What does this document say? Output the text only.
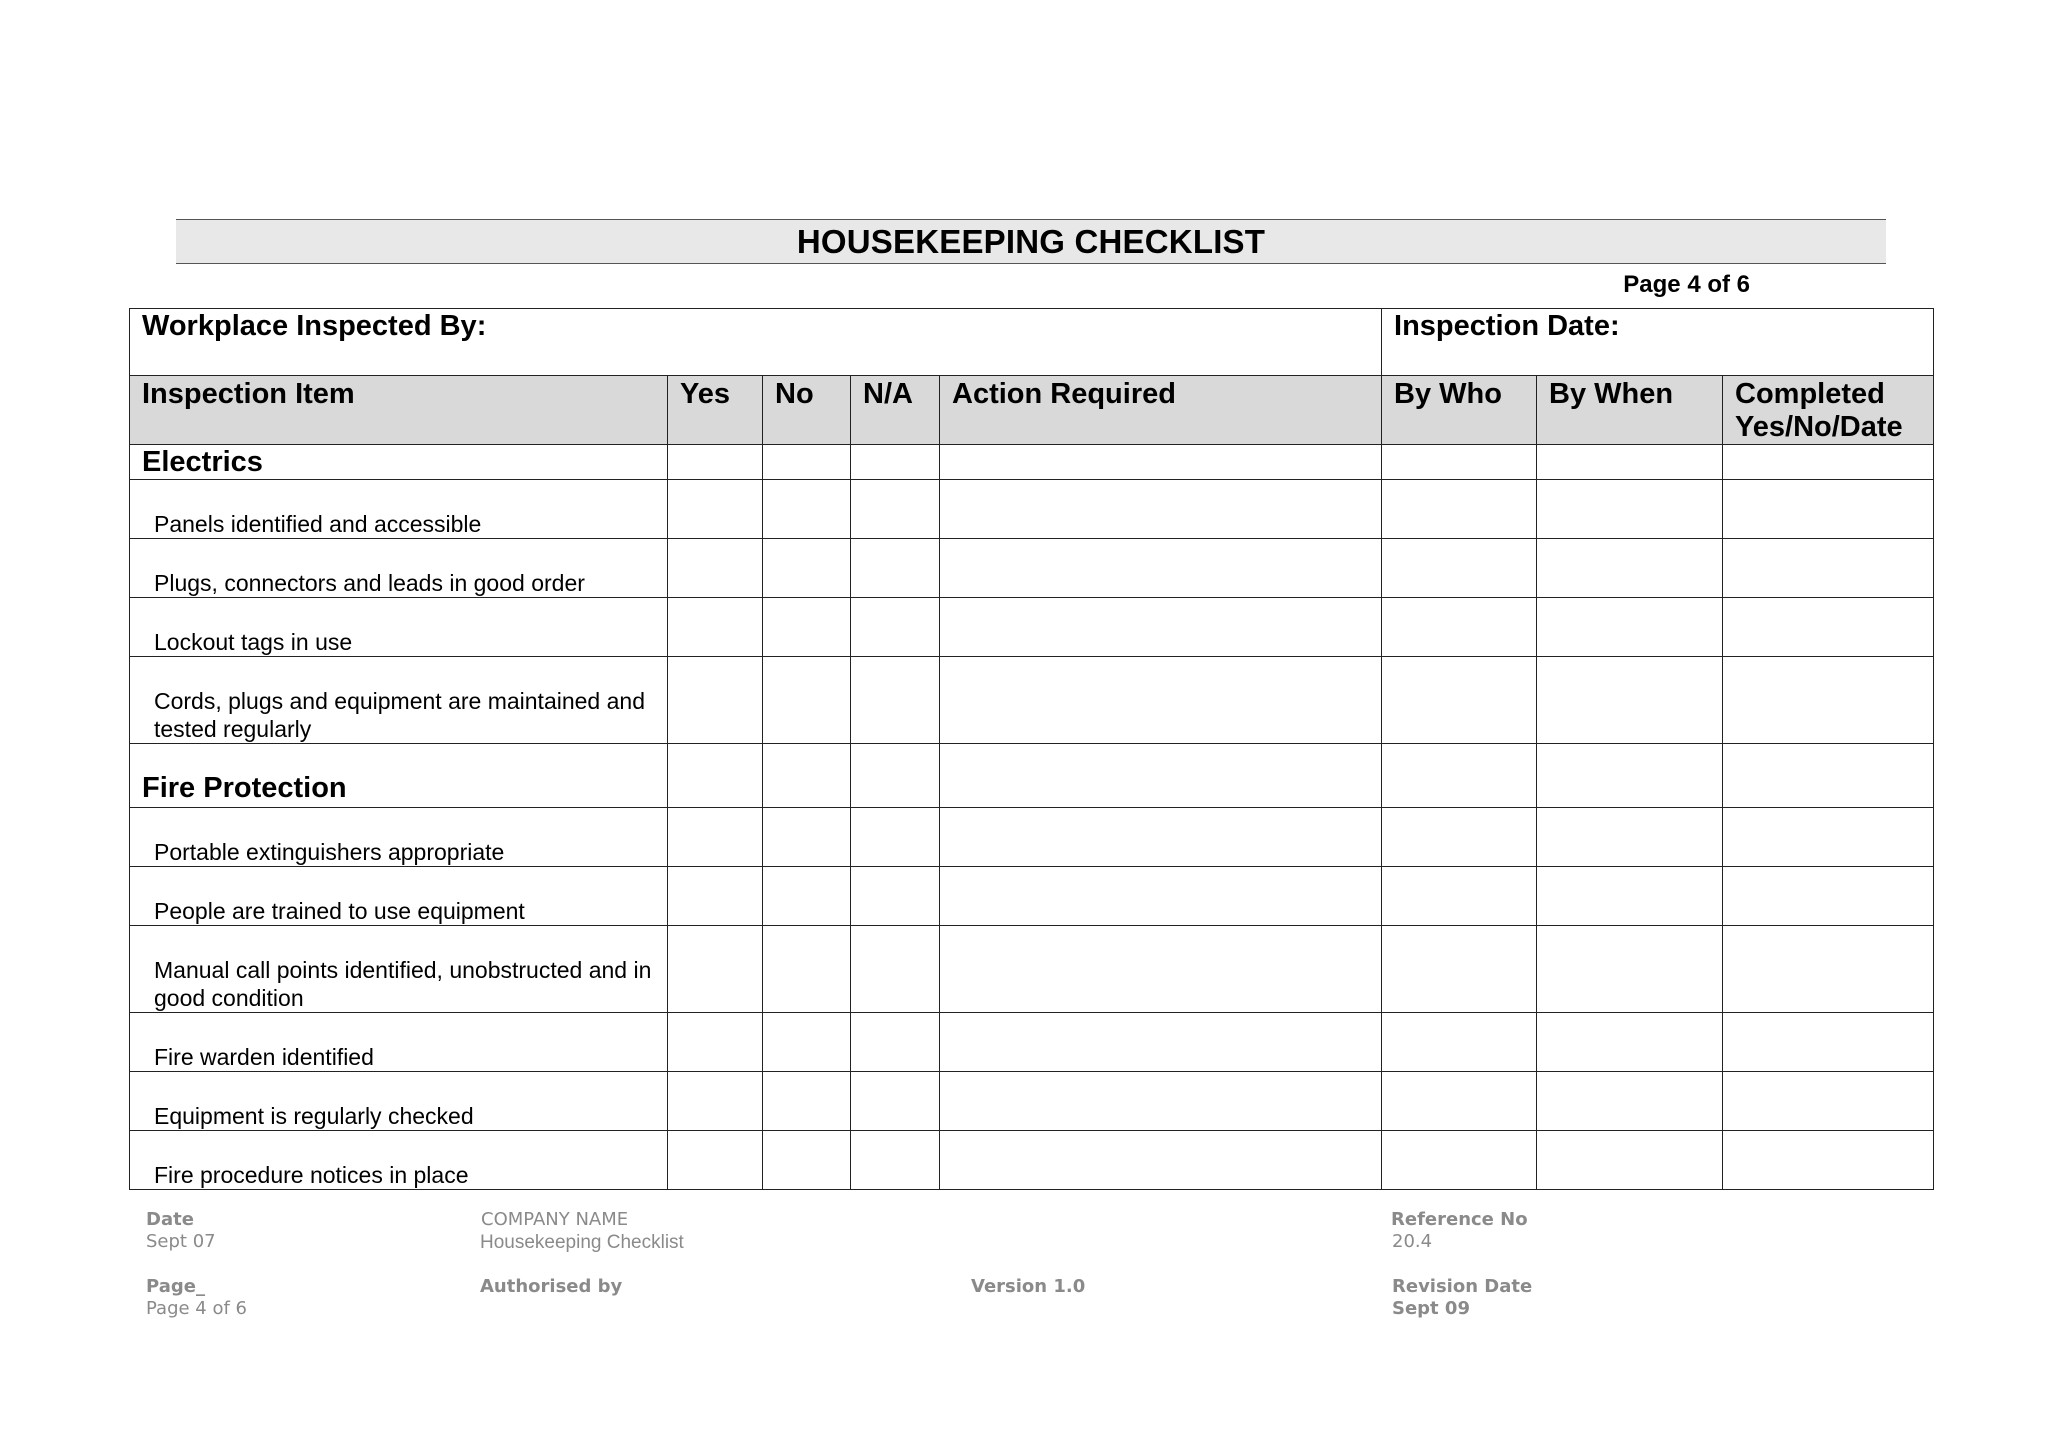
HOUSEKEEPING CHECKLIST
Page 4 of 6
Workplace Inspected By:					Inspection Date:		

Inspection Item	Yes	No	N/A	Action Required	By Who	By When	Completed
Yes/No/Date

Electrics							

Panels identified and accessible							

Plugs, connectors and leads in good order							

Lockout tags in use							

Cords, plugs and equipment are maintained and tested regularly							

Fire Protection							

Portable extinguishers appropriate							

People are trained to use equipment							

Manual call points identified, unobstructed and in good condition							

Fire warden identified							

Equipment is regularly checked							

Fire procedure notices in place							

Date
Sept 07
COMPANY NAME
Housekeeping Checklist
Reference No
20.4
Page_
Page 4 of 6
Authorised by	Version 1.0	Revision Date
Sept 09
